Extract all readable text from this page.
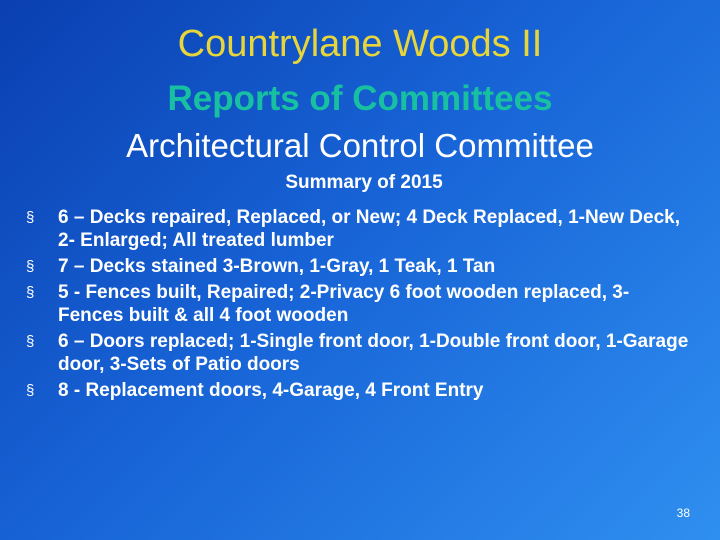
Countrylane Woods II
Reports of Committees
Architectural Control Committee
Summary of 2015
§ 6 – Decks repaired, Replaced, or New; 4 Deck Replaced, 1-New Deck, 2- Enlarged; All treated lumber
§ 7 – Decks stained 3-Brown, 1-Gray, 1 Teak, 1 Tan
§ 5 - Fences built, Repaired; 2-Privacy 6 foot wooden replaced, 3-Fences built & all 4 foot wooden
§ 6 – Doors replaced; 1-Single front door, 1-Double front door, 1-Garage door, 3-Sets of Patio doors
§ 8 - Replacement doors, 4-Garage, 4 Front Entry
38
